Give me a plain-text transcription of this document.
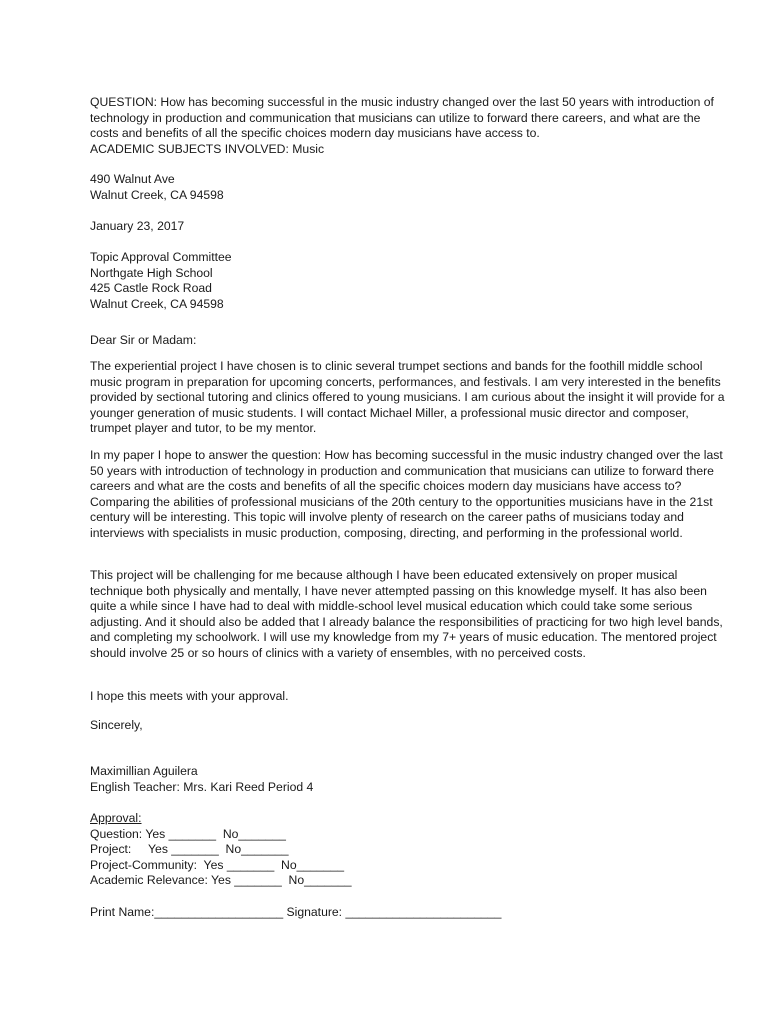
QUESTION: How has becoming successful in the music industry changed over the last 50 years with introduction of technology in production and communication that musicians can utilize to forward there careers, and what are the costs and benefits of all the specific choices modern day musicians have access to.

ACADEMIC SUBJECTS INVOLVED: Music

490 Walnut Ave

Walnut Creek, CA 94598

January 23, 2017

Topic Approval Committee

Northgate High School

425 Castle Rock Road

Walnut Creek, CA 94598

Dear Sir or Madam:

The experiential project I have chosen is to clinic several trumpet sections and bands for the foothill middle school music program in preparation for upcoming concerts, performances, and festivals. I am very interested in the benefits provided by sectional tutoring and clinics offered to young musicians. I am curious about the insight it will provide for a younger generation of music students. I will contact Michael Miller, a professional music director and composer, trumpet player and tutor, to be my mentor.

In my paper I hope to answer the question: How has becoming successful in the music industry changed over the last 50 years with introduction of technology in production and communication that musicians can utilize to forward there careers and what are the costs and benefits of all the specific choices modern day musicians have access to? Comparing the abilities of professional musicians of the 20th century to the opportunities musicians have in the 21st century will be interesting. This topic will involve plenty of research on the career paths of musicians today and interviews with specialists in music production, composing, directing, and performing in the professional world.

This project will be challenging for me because although I have been educated extensively on proper musical technique both physically and mentally, I have never attempted passing on this knowledge myself. It has also been quite a while since I have had to deal with middle-school level musical education which could take some serious adjusting. And it should also be added that I already balance the responsibilities of practicing for two high level bands, and completing my schoolwork. I will use my knowledge from my 7+ years of music education. The mentored project should involve 25 or so hours of clinics with a variety of ensembles, with no perceived costs.

I hope this meets with your approval.

Sincerely,

Maximillian Aguilera

English Teacher: Mrs. Kari Reed Period 4

Approval:

Question: Yes _______  No_______

Project:     Yes _______  No_______

Project-Community:  Yes _______  No_______

Academic Relevance: Yes _______  No_______

Print Name:___________________ Signature: _______________________
